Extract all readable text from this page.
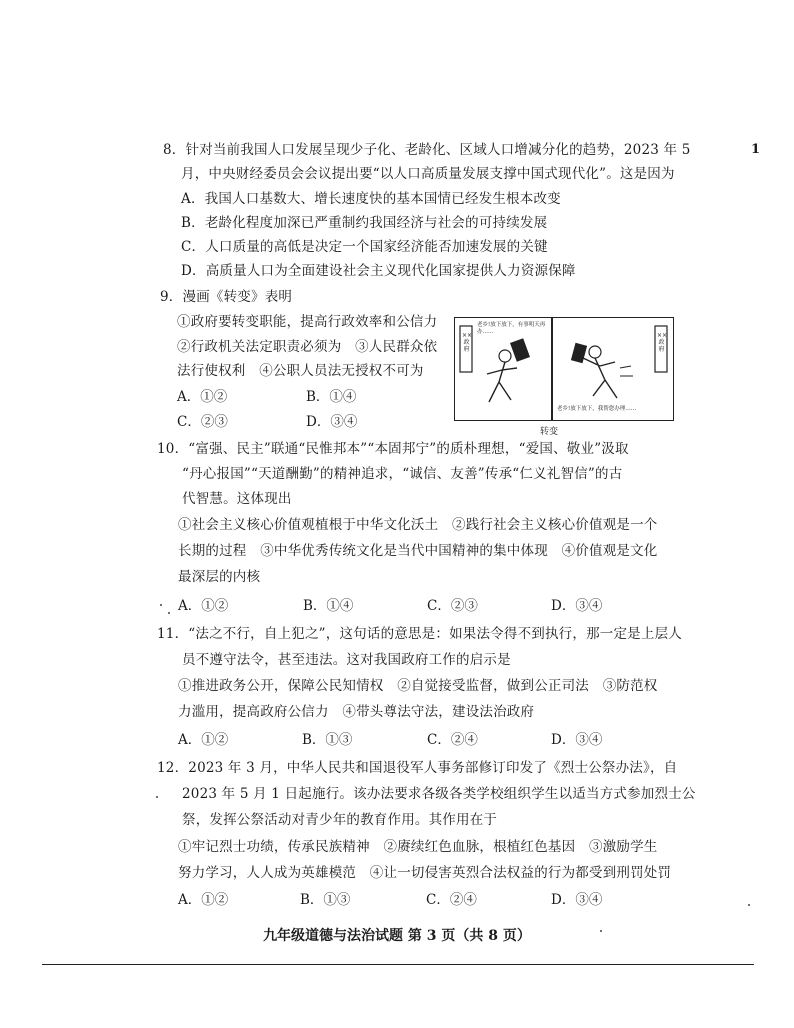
1
8．针对当前我国人口发展呈现少子化、老龄化、区域人口增减分化的趋势，2023 年 5
月，中央财经委员会会议提出要“以人口高质量发展支撑中国式现代化”。这是因为
A．我国人口基数大、增长速度快的基本国情已经发生根本改变
B．老龄化程度加深已严重制约我国经济与社会的可持续发展
C．人口质量的高低是决定一个国家经济能否加速发展的关键
D．高质量人口为全面建设社会主义现代化国家提供人力资源保障
9．漫画《转变》表明
①政府要转变职能，提高行政效率和公信力
②行政机关法定职责必须为　③人民群众依
法行使权利　④公职人员法无授权不可为
A．①②	B．①④
C．②③	D．③④
××政府
××政府
老乡!放下放下，有事明天再办……
老乡!放下放下，我帮您办理……
转变
10．“富强、民主”联通“民惟邦本”“本固邦宁”的质朴理想，“爱国、敬业”汲取
“丹心报国”“天道酬勤”的精神追求，“诚信、友善”传承“仁义礼智信”的古
代智慧。这体现出
①社会主义核心价值观植根于中华文化沃土　②践行社会主义核心价值观是一个
长期的过程　③中华优秀传统文化是当代中国精神的集中体现　④价值观是文化
最深层的内核
A．①②	B．①④	C．②③	D．③④
11．“法之不行，自上犯之”，这句话的意思是：如果法令得不到执行，那一定是上层人
员不遵守法令，甚至违法。这对我国政府工作的启示是
①推进政务公开，保障公民知情权　②自觉接受监督，做到公正司法　③防范权
力滥用，提高政府公信力　④带头尊法守法，建设法治政府
A．①②	B．①③	C．②④	D．③④
12．2023 年 3 月，中华人民共和国退役军人事务部修订印发了《烈士公祭办法》，自
2023 年 5 月 1 日起施行。该办法要求各级各类学校组织学生以适当方式参加烈士公
祭，发挥公祭活动对青少年的教育作用。其作用在于
①牢记烈士功绩，传承民族精神　②赓续红色血脉，根植红色基因　③激励学生
努力学习，人人成为英雄模范　④让一切侵害英烈合法权益的行为都受到刑罚处罚
A．①②	B．①③	C．②④	D．③④
九年级道德与法治试题 第 3 页（共 8 页）
